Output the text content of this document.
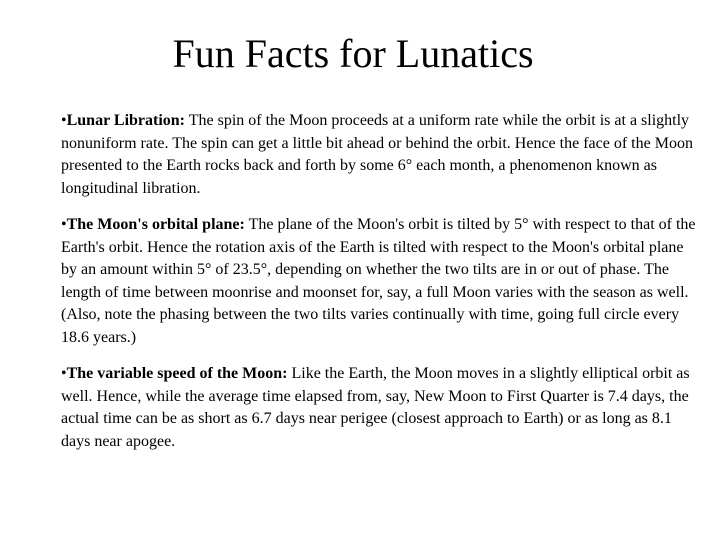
Fun Facts for Lunatics

•Lunar Libration: The spin of the Moon proceeds at a uniform rate while the orbit is at a slightly nonuniform rate. The spin can get a little bit ahead or behind the orbit. Hence the face of the Moon presented to the Earth rocks back and forth by some 6° each month, a phenomenon known as longitudinal libration.

•The Moon's orbital plane: The plane of the Moon's orbit is tilted by 5° with respect to that of the Earth's orbit. Hence the rotation axis of the Earth is tilted with respect to the Moon's orbital plane by an amount within 5° of 23.5°, depending on whether the two tilts are in or out of phase. The length of time between moonrise and moonset for, say, a full Moon varies with the season as well. (Also, note the phasing between the two tilts varies continually with time, going full circle every 18.6 years.)

•The variable speed of the Moon: Like the Earth, the Moon moves in a slightly elliptical orbit as well. Hence, while the average time elapsed from, say, New Moon to First Quarter is 7.4 days, the actual time can be as short as 6.7 days near perigee (closest approach to Earth) or as long as 8.1 days near apogee.
